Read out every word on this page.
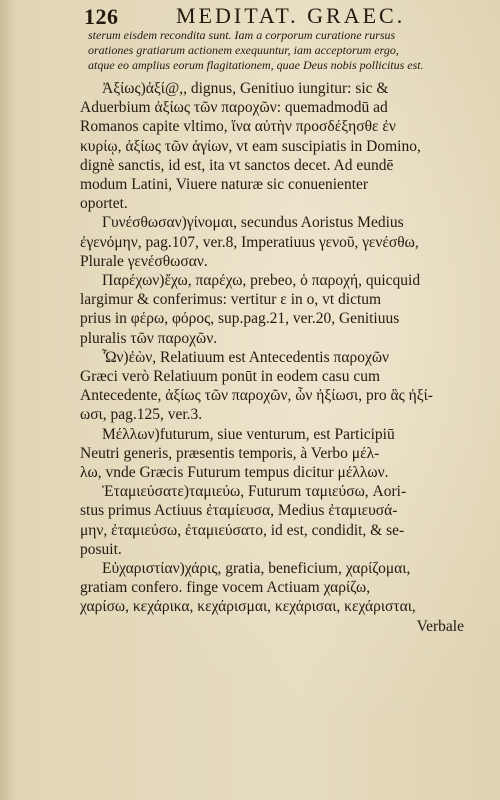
126	MEDITAT. GRAEC.

sterum eisdem recondita sunt. Iam a corporum curatione rursus

orationes gratiarum actionem exequuntur, iam acceptorum ergo,

atque eo amplius eorum flagitationem, quae Deus nobis pollicitus est.

Ἀξίως)ἀξί@,, dignus, Genitiuo iungitur: sic &

Aduerbium ἀξίως τῶν παροχῶν: quemadmodū ad

Romanos capite vltimo, ἵνα αὐτὴν προσδέξησθε ἐν

κυρίῳ, ἀξίως τῶν ἁγίων, vt eam suscipiatis in Domino,

dignè sanctis, id est, ita vt sanctos decet. Ad eundē

modum Latini, Viuere naturæ sic conuenienter

oportet.

Γυνέσθωσαν)γίνομαι, secundus Aoristus Medius

ἐγενόμην, pag.107, ver.8, Imperatiuus γενοῦ, γενέσθω,

Plurale γενέσθωσαν.

Παρέχων)ἔχω, παρέχω, prebeo, ὁ παροχή, quicquid

largimur & conferimus: vertitur ε in ο, vt dictum

prius in φέρω, φόρος, sup.pag.21, ver.20, Genitiuus

pluralis τῶν παροχῶν.

Ὧν)ἐὼν, Relatiuum est Antecedentis παροχῶν

Græci verò Relatiuum ponūt in eodem casu cum

Antecedente, ἀξίως τῶν παροχῶν, ὧν ἠξίωσι, pro ἃς ἠξί-

ωσι, pag.125, ver.3.

Μέλλων)futurum, siue venturum, est Participiū

Neutri generis, præsentis temporis, à Verbo μέλ-

λω, vnde Græcis Futurum tempus dicitur μέλλων.

Ἐταμιεύσατε)ταμιεύω, Futurum ταμιεύσω, Aori-

stus primus Actiuus ἐταμίευσα, Medius ἐταμιευσά-

μην, ἐταμιεύσω, ἐταμιεύσατο, id est, condidit, & se-

posuit.

Εὐχαριστίαν)χάρις, gratia, beneficium, χαρίζομαι,

gratiam confero. finge vocem Actiuam χαρίζω,

χαρίσω, κεχάρικα, κεχάρισμαι, κεχάρισαι, κεχάρισται,

Verbale
